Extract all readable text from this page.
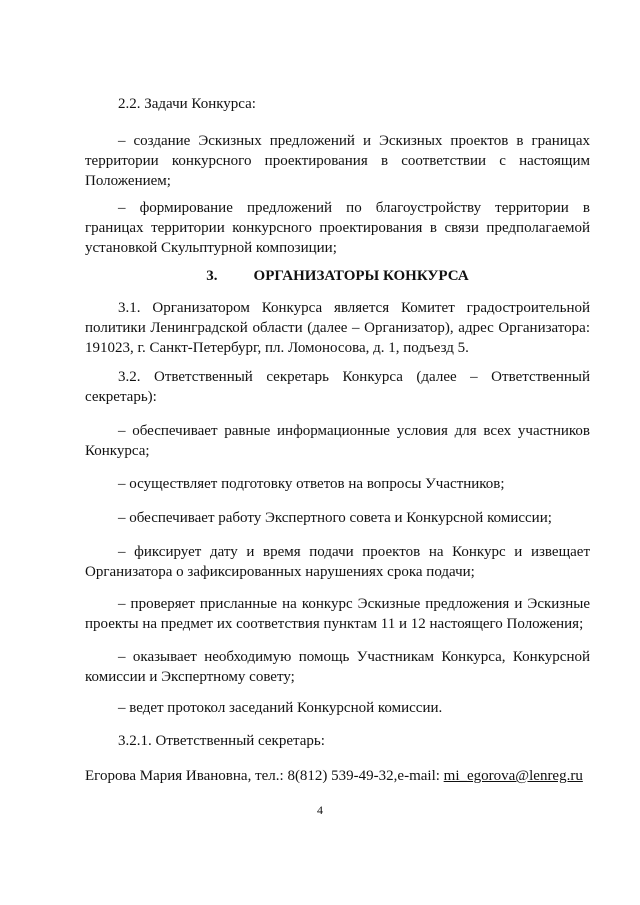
2.2. Задачи Конкурса:

– создание Эскизных предложений и Эскизных проектов в границах территории конкурсного проектирования в соответствии с настоящим Положением;

– формирование предложений по благоустройству территории в границах территории конкурсного проектирования в связи предполагаемой установкой Скульптурной композиции;

3. ОРГАНИЗАТОРЫ КОНКУРСА

3.1. Организатором Конкурса является Комитет градостроительной политики Ленинградской области (далее – Организатор), адрес Организатора: 191023, г. Санкт-Петербург, пл. Ломоносова, д. 1, подъезд 5.

3.2. Ответственный секретарь Конкурса (далее – Ответственный секретарь):

– обеспечивает равные информационные условия для всех участников Конкурса;

– осуществляет подготовку ответов на вопросы Участников;

– обеспечивает работу Экспертного совета и Конкурсной комиссии;

– фиксирует дату и время подачи проектов на Конкурс и извещает Организатора о зафиксированных нарушениях срока подачи;

– проверяет присланные на конкурс Эскизные предложения и Эскизные проекты на предмет их соответствия пунктам 11 и 12 настоящего Положения;

– оказывает необходимую помощь Участникам Конкурса, Конкурсной комиссии и Экспертному совету;

– ведет протокол заседаний Конкурсной комиссии.

3.2.1. Ответственный секретарь:

Егорова Мария Ивановна, тел.: 8(812) 539-49-32,e-mail: mi_egorova@lenreg.ru

4
